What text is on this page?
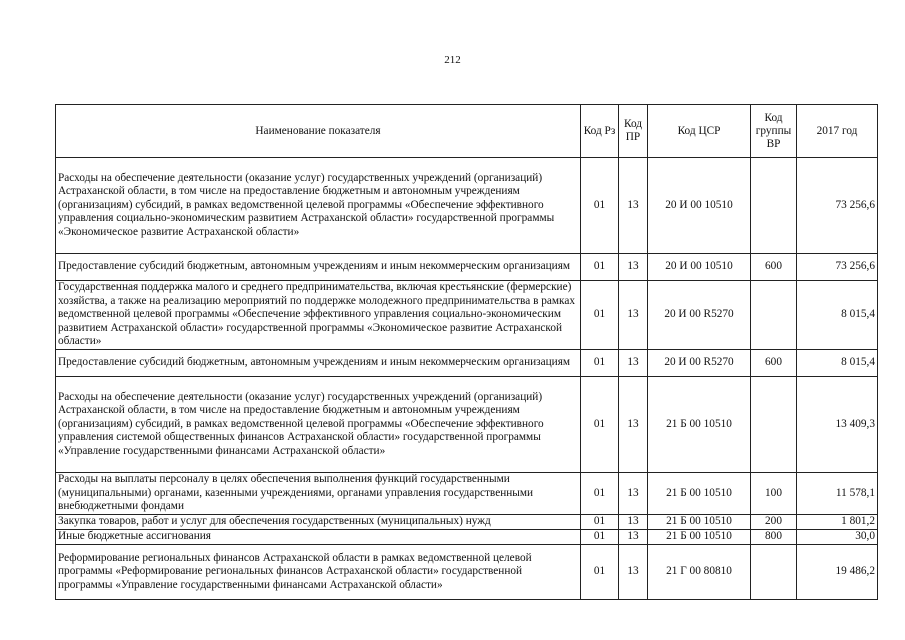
212
Наименование показателя	Код Рз	Код ПР	Код ЦСР	Код группы ВР	2017 год
Расходы на обеспечение деятельности (оказание услуг) государственных учреждений (организаций) Астраханской области, в том числе на предоставление бюджетным и автономным учреждениям (организациям) субсидий, в рамках ведомственной целевой программы «Обеспечение эффективного управления социально-экономическим развитием Астраханской области» государственной программы «Экономическое развитие Астраханской области»	01	13	20 И 00 10510		73 256,6
Предоставление субсидий бюджетным, автономным учреждениям и иным некоммерческим организациям	01	13	20 И 00 10510	600	73 256,6
Государственная поддержка малого и среднего предпринимательства, включая крестьянские (фермерские) хозяйства, а также на реализацию мероприятий по поддержке молодежного предпринимательства в рамках ведомственной целевой программы «Обеспечение эффективного управления социально-экономическим развитием Астраханской области» государственной программы «Экономическое развитие Астраханской области»	01	13	20 И 00 R5270		8 015,4
Предоставление субсидий бюджетным, автономным учреждениям и иным некоммерческим организациям	01	13	20 И 00 R5270	600	8 015,4
Расходы на обеспечение деятельности (оказание услуг) государственных учреждений (организаций) Астраханской области, в том числе на предоставление бюджетным и автономным учреждениям (организациям) субсидий, в рамках ведомственной целевой программы «Обеспечение эффективного управления системой общественных финансов Астраханской области» государственной программы «Управление государственными финансами Астраханской области»	01	13	21 Б 00 10510		13 409,3
Расходы на выплаты персоналу в целях обеспечения выполнения функций государственными (муниципальными) органами, казенными учреждениями, органами управления государственными внебюджетными фондами	01	13	21 Б 00 10510	100	11 578,1
Закупка товаров, работ и услуг для обеспечения государственных (муниципальных) нужд	01	13	21 Б 00 10510	200	1 801,2
Иные бюджетные ассигнования	01	13	21 Б 00 10510	800	30,0
Реформирование региональных финансов Астраханской области в рамках ведомственной целевой программы «Реформирование региональных финансов Астраханской области» государственной программы «Управление государственными финансами Астраханской области»	01	13	21 Г 00 80810		19 486,2
